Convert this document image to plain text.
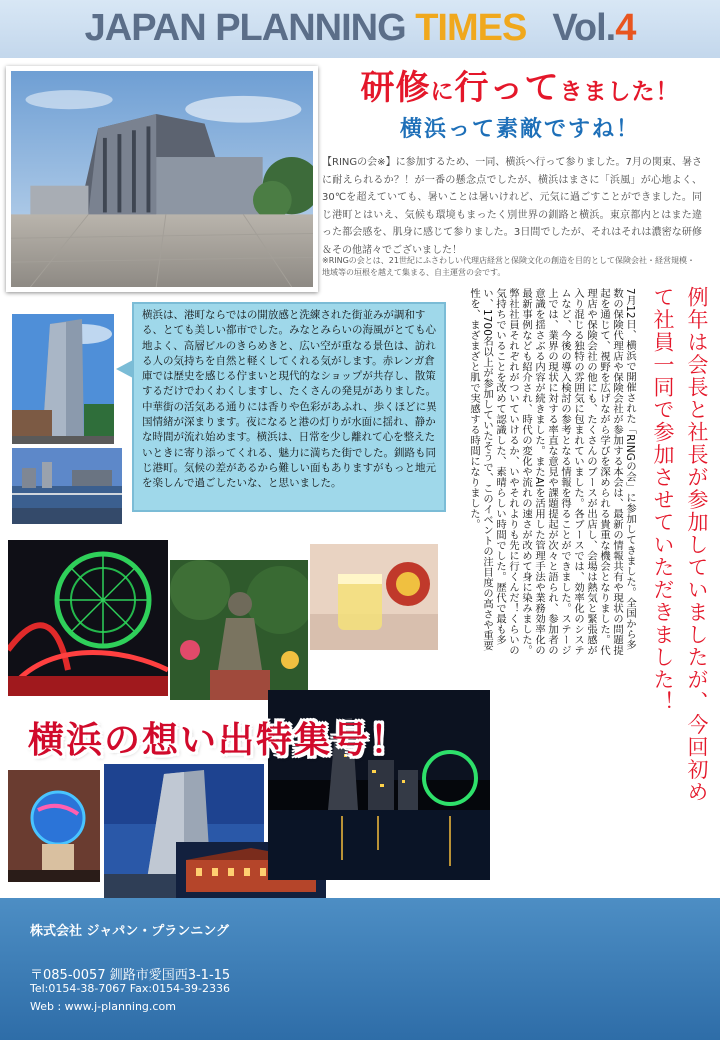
JAPAN PLANNING TIMES Vol.4
研修に行ってきました！
横浜って素敵ですね！
【RINGの会※】に参加するため、一同、横浜へ行って参りました。7月の関東、暑さに耐えられるか？！が一番の懸念点でしたが、横浜はまさに「浜風」が心地よく、30℃を超えていても、暑いことは暑いけれど、元気に過ごすことができました。同じ港町とはいえ、気候も環境もまったく別世界の釧路と横浜。東京都内とはまた違った都会感を、肌身に感じて参りました。3日間でしたが、それはそれは濃密な研修＆その他諸々でございました！
※RINGの会とは、21世紀にふさわしい代理店経営と保険文化の創造を目的として保険会社・経営規模・地域等の垣根を越えて集まる、自主運営の会です。
横浜は、港町ならではの開放感と洗練された街並みが調和する、とても美しい都市でした。みなとみらいの海風がとても心地よく、高層ビルのきらめきと、広い空が重なる景色は、訪れる人の気持ちを自然と軽くしてくれる気がします。赤レンガ倉庫では歴史を感じる佇まいと現代的なショップが共存し、散策するだけでわくわくしますし、たくさんの発見がありました。中華街の活気ある通りには香りや色彩があふれ、歩くほどに異国情緒が深まります。夜になると港の灯りが水面に揺れ、静かな時間が流れ始めます。横浜は、日常を少し離れて心を整えたいときに寄り添ってくれる、魅力に満ちた街でした。釧路も同じ港町。気候の差があるから難しい面もありますがもっと地元を楽しんで過ごしたいな、と思いました。	7月12日、横浜で開催された「RINGの会」に参加してきました。全国から多数の保険代理店や保険会社が参加する本会は、最新の情報共有や現状の問題提起を通じて、視野を広げながら学びを深められる貴重な機会となりました。代理店や保険会社の他にも、たくさんのブースが出店し、会場は熱気と緊張感が入り混じる独特の雰囲気に包まれていました。各ブースでは、効率化のシステムなど、今後の導入検討の参考となる情報を得ることができました。ステージ上では、業界の現状に対する率直な意見や課題提起が次々と語られ、参加者の意識を揺さぶる内容が続きました。またAIを活用した管理手法や業務効率化の最新事例なども紹介され、時代の変化や流れの速さが改めて身に染みました。弊社社員それぞれがついていけるか、いやそれよりも先に行くんだ！くらいの気持ちでいることを改めて認識した、素晴らしい時間でした。歴代で最も多い、1700名以上が参加していたそうで、このイベントの注目度の高さや重要性を、まざまざと肌で実感する時間になりました。	例年は会長と社長が参加していましたが、今回初めて社員一同で参加させていただきました！
横浜の想い出特集号！
株式会社 ジャパン・プランニング
〒085-0057 釧路市愛国西3-1-15
Tel:0154-38-7067 Fax:0154-39-2336
Web : www.j-planning.com
